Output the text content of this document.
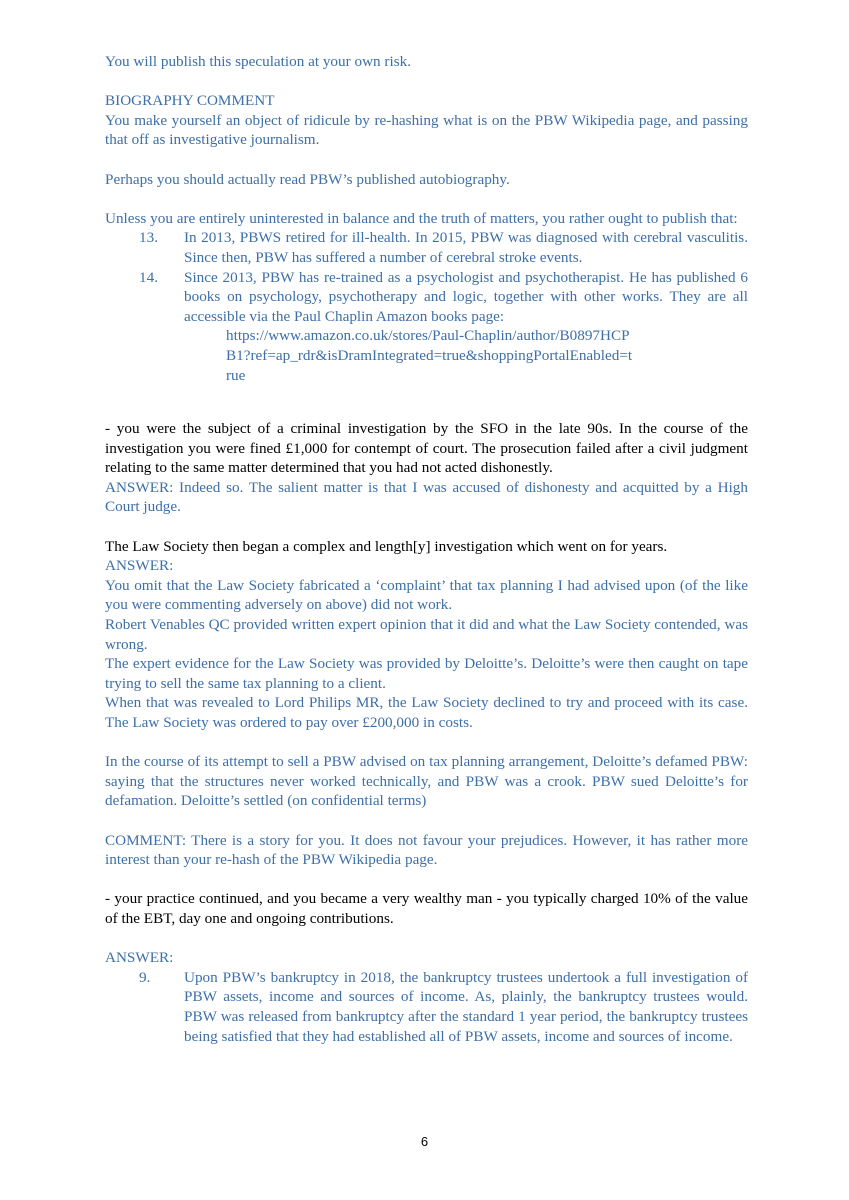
You will publish this speculation at your own risk.

BIOGRAPHY COMMENT

You make yourself an object of ridicule by re-hashing what is on the PBW Wikipedia page, and passing that off as investigative journalism.

Perhaps you should actually read PBW’s published autobiography.

Unless you are entirely uninterested in balance and the truth of matters, you rather ought to publish that:

13.	In 2013, PBWS retired for ill-health. In 2015, PBW was diagnosed with cerebral vasculitis. Since then, PBW has suffered a number of cerebral stroke events.
14.	Since 2013, PBW has re-trained as a psychologist and psychotherapist. He has published 6 books on psychology, psychotherapy and logic, together with other works. They are all accessible via the Paul Chaplin Amazon books page:

https://www.amazon.co.uk/stores/Paul-Chaplin/author/B0897HCPB1?ref=ap_rdr&isDramIntegrated=true&shoppingPortalEnabled=true

- you were the subject of a criminal investigation by the SFO in the late 90s. In the course of the investigation you were fined £1,000 for contempt of court. The prosecution failed after a civil judgment relating to the same matter determined that you had not acted dishonestly.

ANSWER: Indeed so. The salient matter is that I was accused of dishonesty and acquitted by a High Court judge.

The Law Society then began a complex and length[y] investigation which went on for years.

ANSWER:

You omit that the Law Society fabricated a ‘complaint’ that tax planning I had advised upon (of the like you were commenting adversely on above) did not work.

Robert Venables QC provided written expert opinion that it did and what the Law Society contended, was wrong.

The expert evidence for the Law Society was provided by Deloitte’s. Deloitte’s were then caught on tape trying to sell the same tax planning to a client.

When that was revealed to Lord Philips MR, the Law Society declined to try and proceed with its case. The Law Society was ordered to pay over £200,000 in costs.

In the course of its attempt to sell a PBW advised on tax planning arrangement, Deloitte’s defamed PBW: saying that the structures never worked technically, and PBW was a crook. PBW sued Deloitte’s for defamation. Deloitte’s settled (on confidential terms)

COMMENT: There is a story for you. It does not favour your prejudices. However, it has rather more interest than your re-hash of the PBW Wikipedia page.

- your practice continued, and you became a very wealthy man - you typically charged 10% of the value of the EBT, day one and ongoing contributions.

ANSWER:

9.	Upon PBW’s bankruptcy in 2018, the bankruptcy trustees undertook a full investigation of PBW assets, income and sources of income. As, plainly, the bankruptcy trustees would. PBW was released from bankruptcy after the standard 1 year period, the bankruptcy trustees being satisfied that they had established all of PBW assets, income and sources of income.
6
